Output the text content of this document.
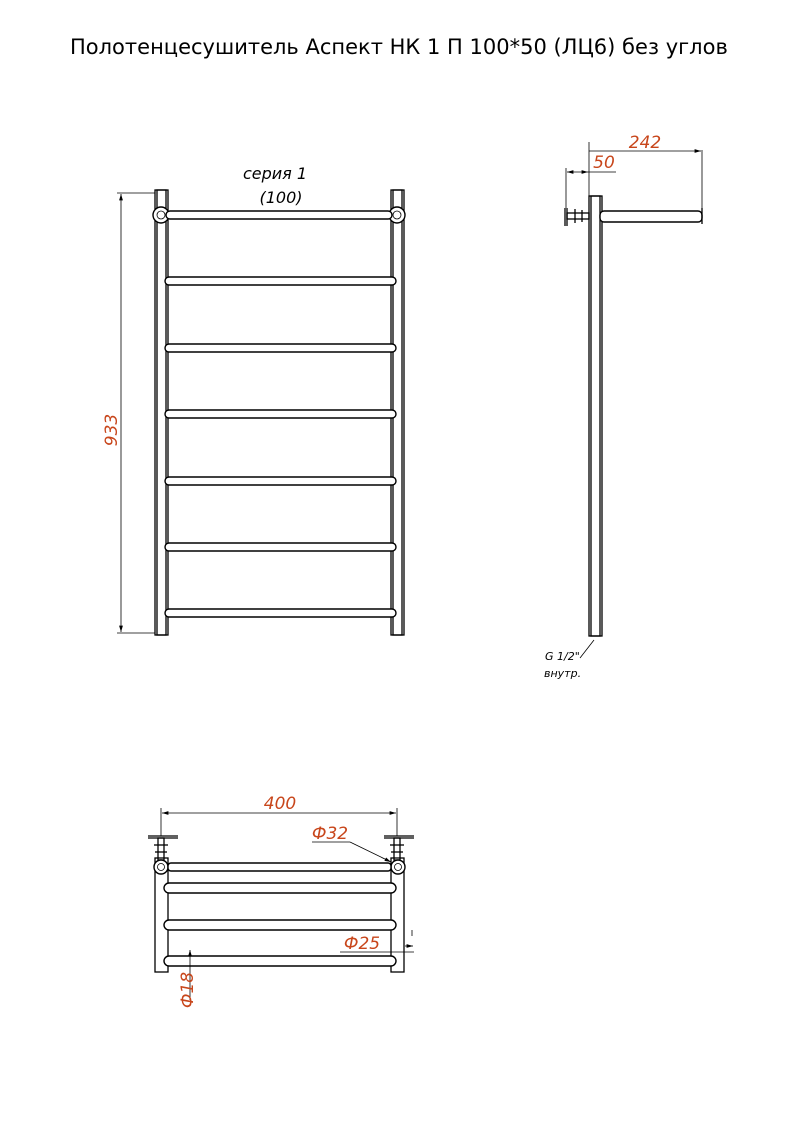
Полотенцесушитель Аспект НК 1 П 100*50 (ЛЦ6) без углов
серия 1
(100)
933
242
50
G 1/2"
внутр.
400
Ф32
Ф25
Ф18
